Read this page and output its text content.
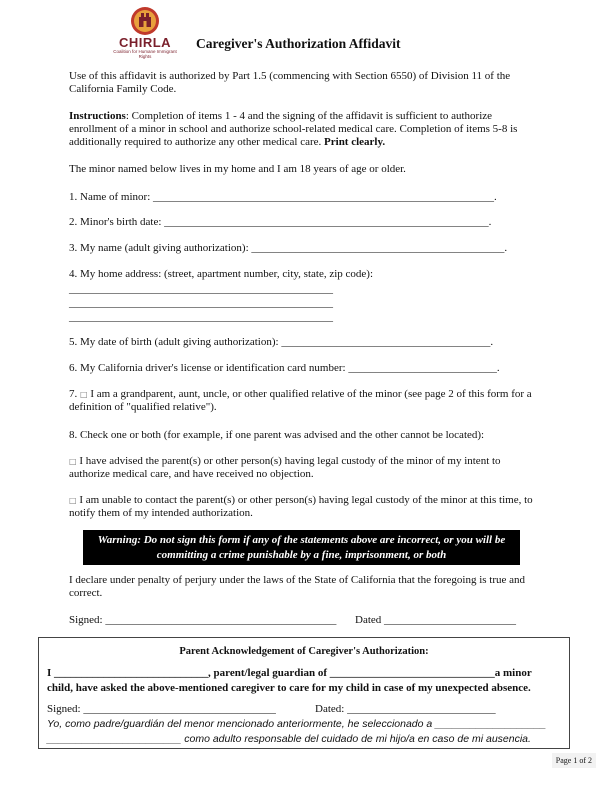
CHIRLA
Coalition for Humane Immigrant Rights
Caregiver's Authorization Affidavit
Use of this affidavit is authorized by Part 1.5 (commencing with Section 6550) of Division 11 of the California Family Code.
Instructions: Completion of items 1 - 4 and the signing of the affidavit is sufficient to authorize enrollment of a minor in school and authorize school-related medical care. Completion of items 5-8 is additionally required to authorize any other medical care. Print clearly.
The minor named below lives in my home and I am 18 years of age or older.
1. Name of minor: ______________________________________________________________.
2. Minor's birth date: ___________________________________________________________.
3. My name (adult giving authorization): ______________________________________________.
4. My home address: (street, apartment number, city, state, zip code):
________________________________________________
________________________________________________
________________________________________________
5. My date of birth (adult giving authorization): ______________________________________.
6. My California driver's license or identification card number: ___________________________.
7. □ I am a grandparent, aunt, uncle, or other qualified relative of the minor (see page 2 of this form for a definition of "qualified relative").
8. Check one or both (for example, if one parent was advised and the other cannot be located):
□ I have advised the parent(s) or other person(s) having legal custody of the minor of my intent to authorize medical care, and have received no objection.
□ I am unable to contact the parent(s) or other person(s) having legal custody of the minor at this time, to notify them of my intended authorization.
Warning: Do not sign this form if any of the statements above are incorrect, or you will be committing a crime punishable by a fine, imprisonment, or both
I declare under penalty of perjury under the laws of the State of California that the foregoing is true and correct.
Signed: __________________________________________	Dated ________________________
Parent Acknowledgement of Caregiver's Authorization:
I ____________________________, parent/legal guardian of ______________________________a minor
child, have asked the above-mentioned caregiver to care for my child in case of my unexpected absence.
Signed: ___________________________________	Dated: ___________________________
Yo, como padre/guardián del menor mencionado anteriormente, he seleccionado a ___________________
_______________________ como adulto responsable del cuidado de mi hijo/a en caso de mi ausencia.
Page 1 of 2
